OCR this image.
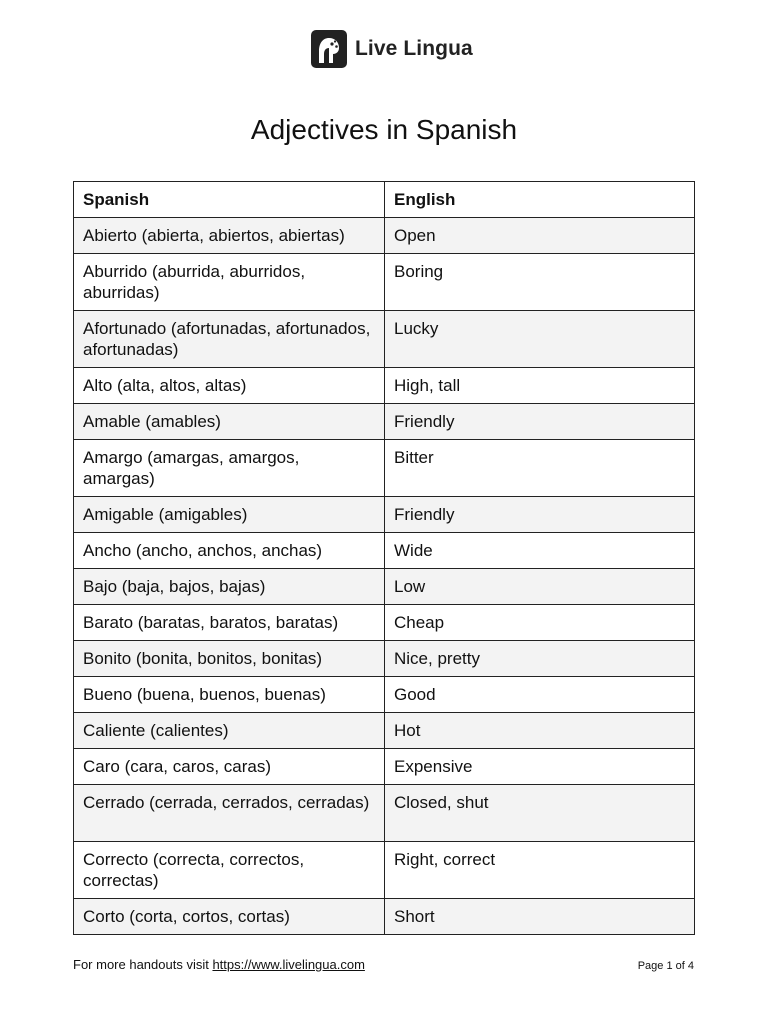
Live Lingua
Adjectives in Spanish
Spanish	English
Abierto (abierta, abiertos, abiertas)	Open
Aburrido (aburrida, aburridos, aburridas)	Boring
Afortunado (afortunadas, afortunados, afortunadas)	Lucky
Alto (alta, altos, altas)	High, tall
Amable (amables)	Friendly
Amargo (amargas, amargos, amargas)	Bitter
Amigable (amigables)	Friendly
Ancho (ancho, anchos, anchas)	Wide
Bajo (baja, bajos, bajas)	Low
Barato (baratas, baratos, baratas)	Cheap
Bonito (bonita, bonitos, bonitas)	Nice, pretty
Bueno (buena, buenos, buenas)	Good
Caliente (calientes)	Hot
Caro (cara, caros, caras)	Expensive
Cerrado (cerrada, cerrados, cerradas)	Closed, shut
Correcto (correcta, correctos, correctas)	Right, correct
Corto (corta, cortos, cortas)	Short
For more handouts visit https://www.livelingua.com	Page 1 of 4
